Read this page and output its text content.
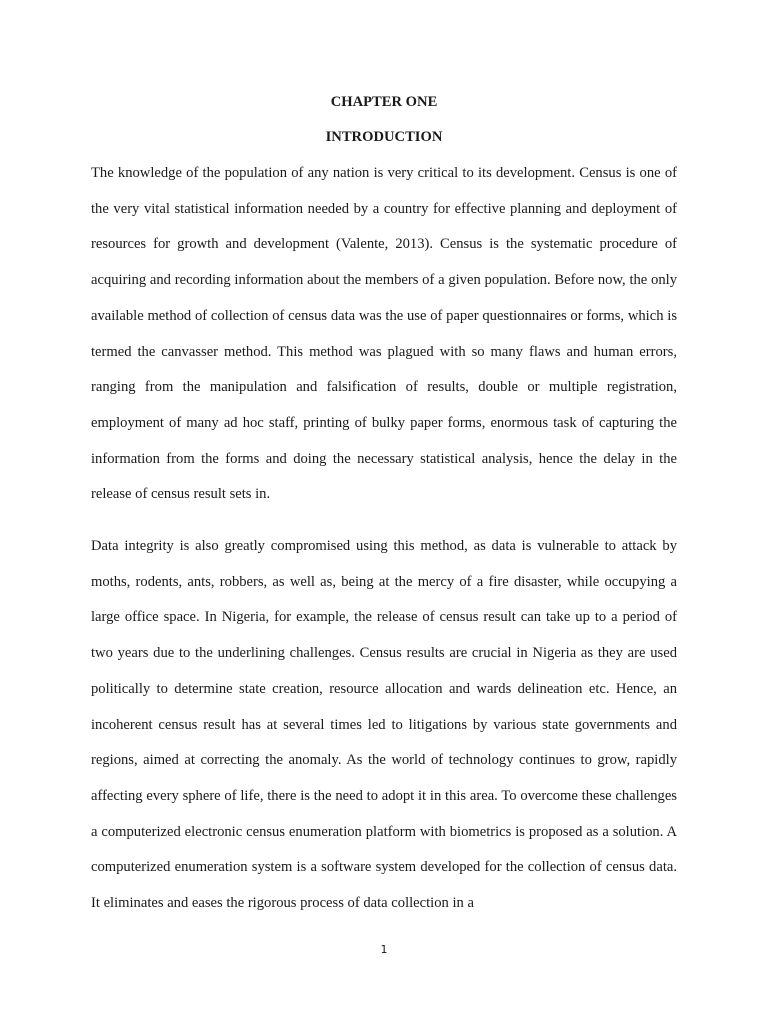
CHAPTER ONE
INTRODUCTION

The knowledge of the population of any nation is very critical to its development. Census is one of the very vital statistical information needed by a country for effective planning and deployment of resources for growth and development (Valente, 2013). Census is the systematic procedure of acquiring and recording information about the members of a given population. Before now, the only available method of collection of census data was the use of paper questionnaires or forms, which is termed the canvasser method. This method was plagued with so many flaws and human errors, ranging from the manipulation and falsification of results, double or multiple registration, employment of many ad hoc staff, printing of bulky paper forms, enormous task of capturing the information from the forms and doing the necessary statistical analysis, hence the delay in the release of census result sets in.

Data integrity is also greatly compromised using this method, as data is vulnerable to attack by moths, rodents, ants, robbers, as well as, being at the mercy of a fire disaster, while occupying a large office space. In Nigeria, for example, the release of census result can take up to a period of two years due to the underlining challenges. Census results are crucial in Nigeria as they are used politically to determine state creation, resource allocation and wards delineation etc. Hence, an incoherent census result has at several times led to litigations by various state governments and regions, aimed at correcting the anomaly. As the world of technology continues to grow, rapidly affecting every sphere of life, there is the need to adopt it in this area. To overcome these challenges a computerized electronic census enumeration platform with biometrics is proposed as a solution. A computerized enumeration system is a software system developed for the collection of census data. It eliminates and eases the rigorous process of data collection in a

1
